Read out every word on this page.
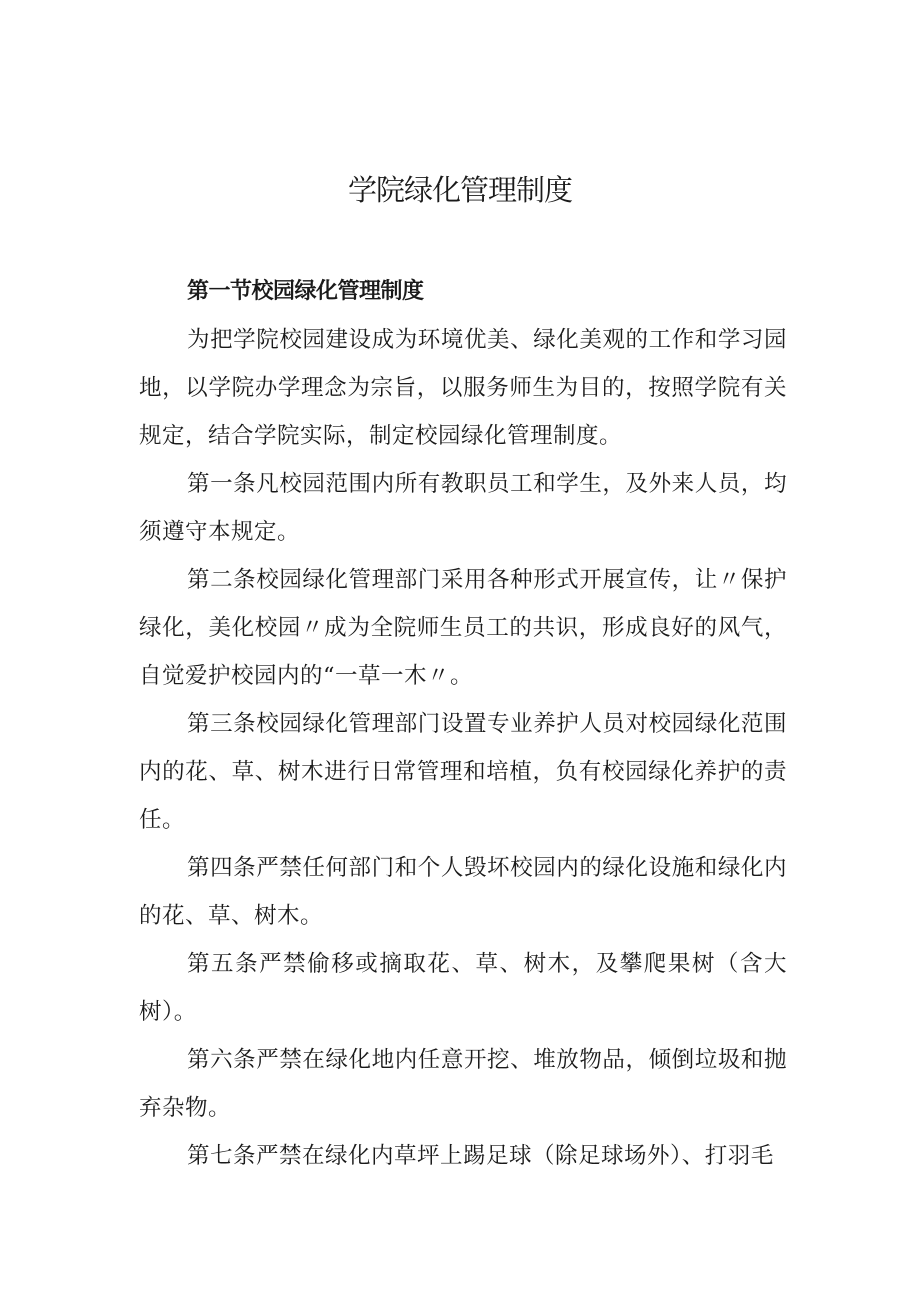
学院绿化管理制度

第一节校园绿化管理制度

为把学院校园建设成为环境优美、绿化美观的工作和学习园地，以学院办学理念为宗旨，以服务师生为目的，按照学院有关规定，结合学院实际，制定校园绿化管理制度。

第一条凡校园范围内所有教职员工和学生，及外来人员，均须遵守本规定。

第二条校园绿化管理部门采用各种形式开展宣传，让〃保护绿化，美化校园〃成为全院师生员工的共识，形成良好的风气，自觉爱护校园内的“一草一木〃。

第三条校园绿化管理部门设置专业养护人员对校园绿化范围内的花、草、树木进行日常管理和培植，负有校园绿化养护的责任。

第四条严禁任何部门和个人毁坏校园内的绿化设施和绿化内的花、草、树木。

第五条严禁偷移或摘取花、草、树木，及攀爬果树（含大树）。

第六条严禁在绿化地内任意开挖、堆放物品，倾倒垃圾和抛弃杂物。

第七条严禁在绿化内草坪上踢足球（除足球场外）、打羽毛
